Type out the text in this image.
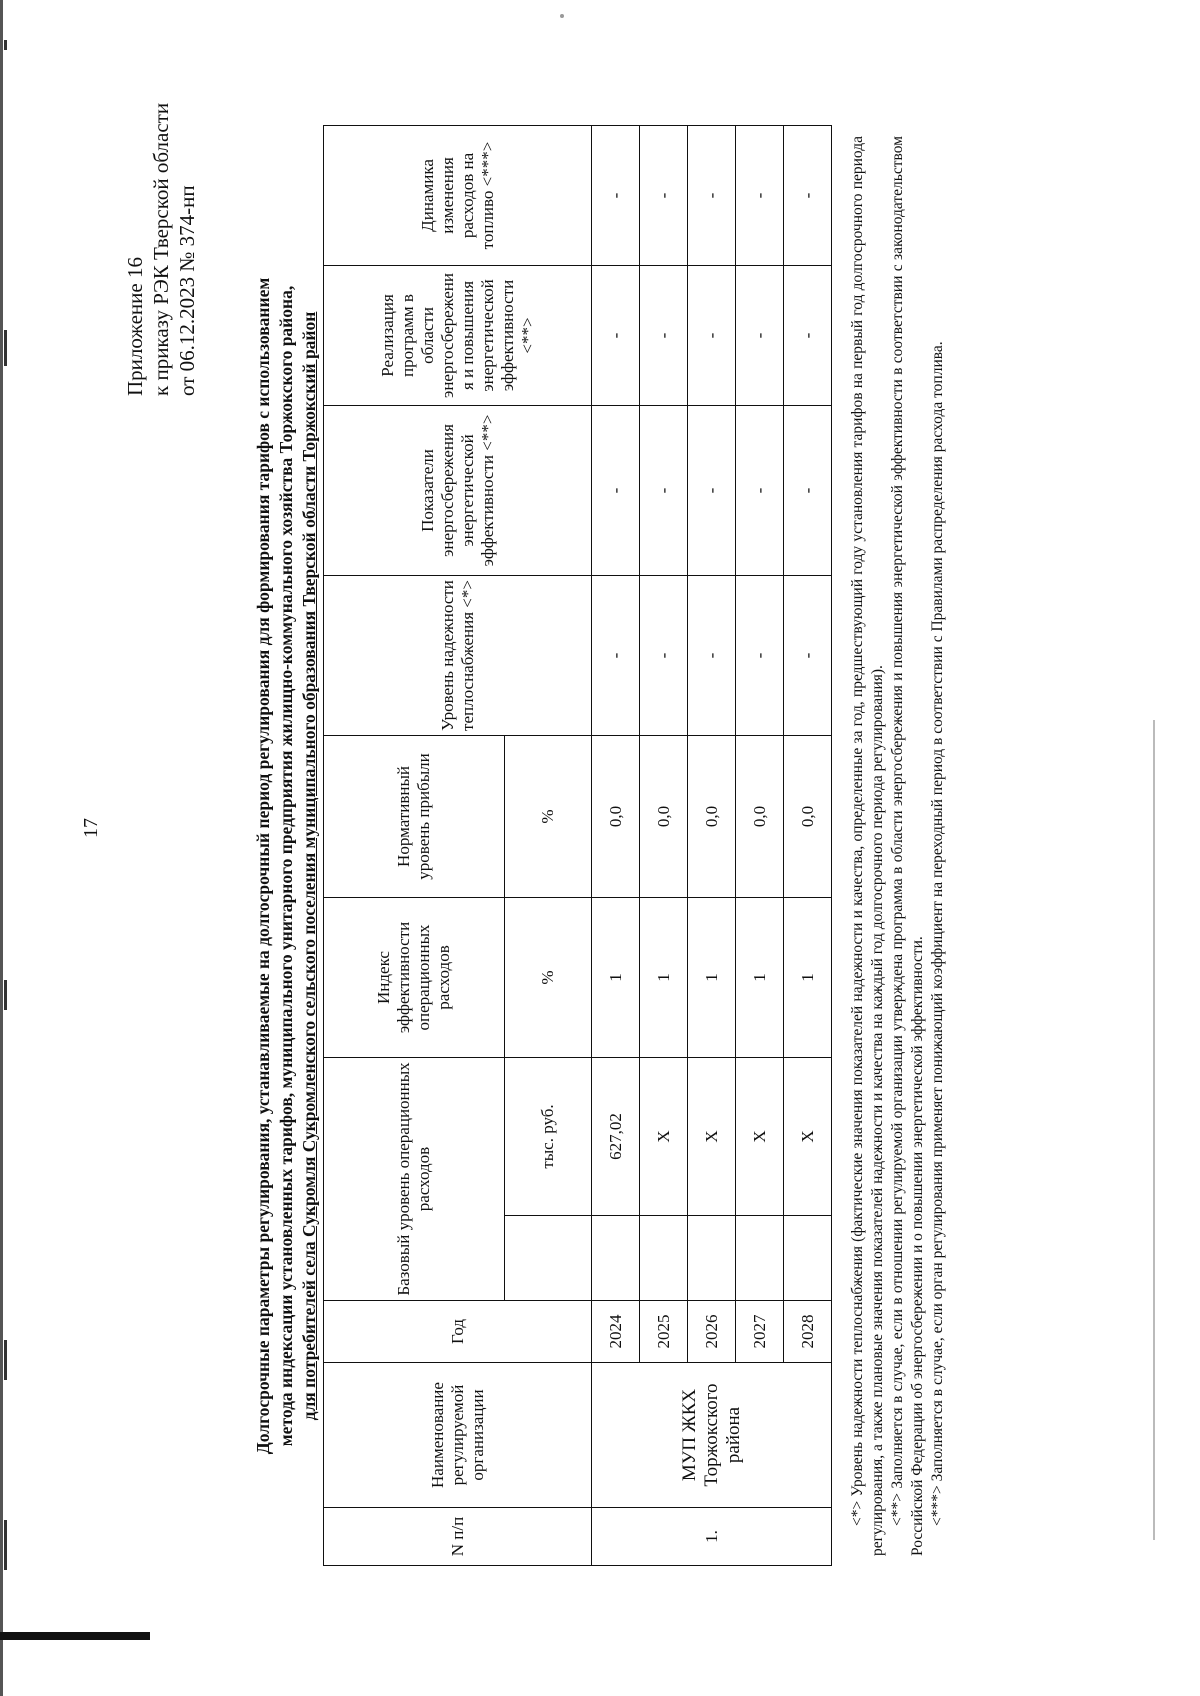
17
Приложение 16 к приказу РЭК Тверской области от 06.12.2023 № 374-нп	Долгосрочные параметры регулирования, устанавливаемые на долгосрочный период регулирования для формирования тарифов с использованием метода индексации установленных тарифов, муниципального унитарного предприятия жилищно-коммунального хозяйства Торжокского района, для потребителей села Сукромля Сукромленского сельского поселения муниципального образования Тверской области Торжокский район
N п/п	Наименование регулируемой организации	Год	Базовый уровень операционных расходов		Индекс эффективности операционных расходов	Нормативный уровень прибыли	Уровень надежности теплоснабжения <*>	Показатели энергосбережения энергетической эффективности <**>	Реализация программ в области энергосбережени я и повышения энергетической эффективности <**>	Динамика изменения расходов на топливо <***>
				тыс. руб.	%	%				
1.	МУП ЖКХ Торжокского района	2024		627,02	1	0,0	-	-	-	-
		2025		X	1	0,0	-	-	-	-
		2026		X	1	0,0	-	-	-	-
		2027		X	1	0,0	-	-	-	-
		2028		X	1	0,0	-	-	-	- <*> Уровень надежности теплоснабжения (фактические значения показателей надежности и качества, определенные за год, предшествующий году установления тарифов на первый год долгосрочного периода регулирования, а также плановые значения показателей надежности и качества на каждый год долгосрочного периода регулирования). <**> Заполняется в случае, если в отношении регулируемой организации утверждена программа в области энергосбережения и повышения энергетической эффективности в соответствии с законодательством Российской Федерации об энергосбережении и о повышении энергетической эффективности. <***> Заполняется в случае, если орган регулирования применяет понижающий коэффициент на переходный период в соответствии с Правилами распределения расхода топлива.
